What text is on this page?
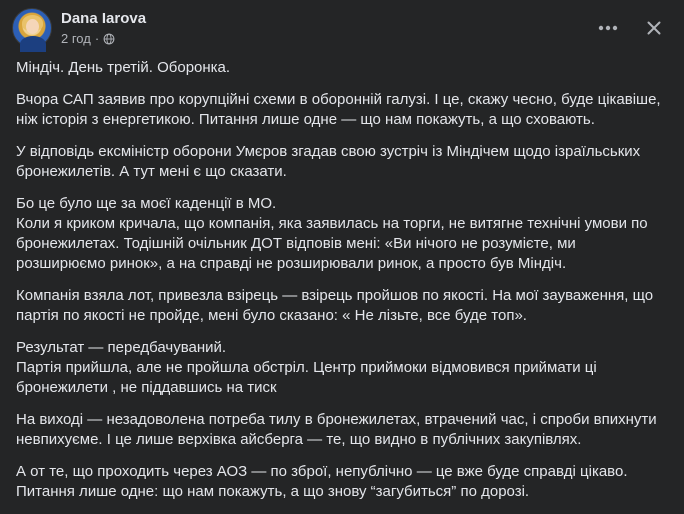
Dana Iarova
2 год ·

Міндіч. День третій. Оборонка.

Вчора САП заявив про корупційні схеми в оборонній галузі. І це, скажу чесно, буде цікавіше,
ніж історія з енергетикою. Питання лише одне — що нам покажуть, а що сховають.

У відповідь ексміністр оборони Умєров згадав свою зустріч із Міндічем щодо ізраїльських
бронежилетів. А тут мені є що сказати.

Бо це було ще за моєї каденції в МО.
Коли я криком кричала, що компанія, яка заявилась на торги, не витягне технічні умови по
бронежилетах. Тодішній очільник ДОТ відповів мені: «Ви нічого не розумієте, ми
розширюємо ринок», а на справді не розширювали ринок, а просто був Міндіч.

Компанія взяла лот, привезла взірець — взірець пройшов по якості. На мої зауваження, що
партія по якості не пройде, мені було сказано: « Не лізьте, все буде топ».

Результат — передбачуваний.
Партія прийшла, але не пройшла обстріл. Центр приймоки відмовився приймати ці
бронежилети , не піддавшись на тиск

На виході — незадоволена потреба тилу в бронежилетах, втрачений час, і спроби впихнути
невпихуєме. І це лише верхівка айсберга — те, що видно в публічних закупівлях.

А от те, що проходить через АОЗ — по зброї, непублічно — це вже буде справді цікаво.
Питання лише одне: що нам покажуть, а що знову “загубиться” по дорозі.
